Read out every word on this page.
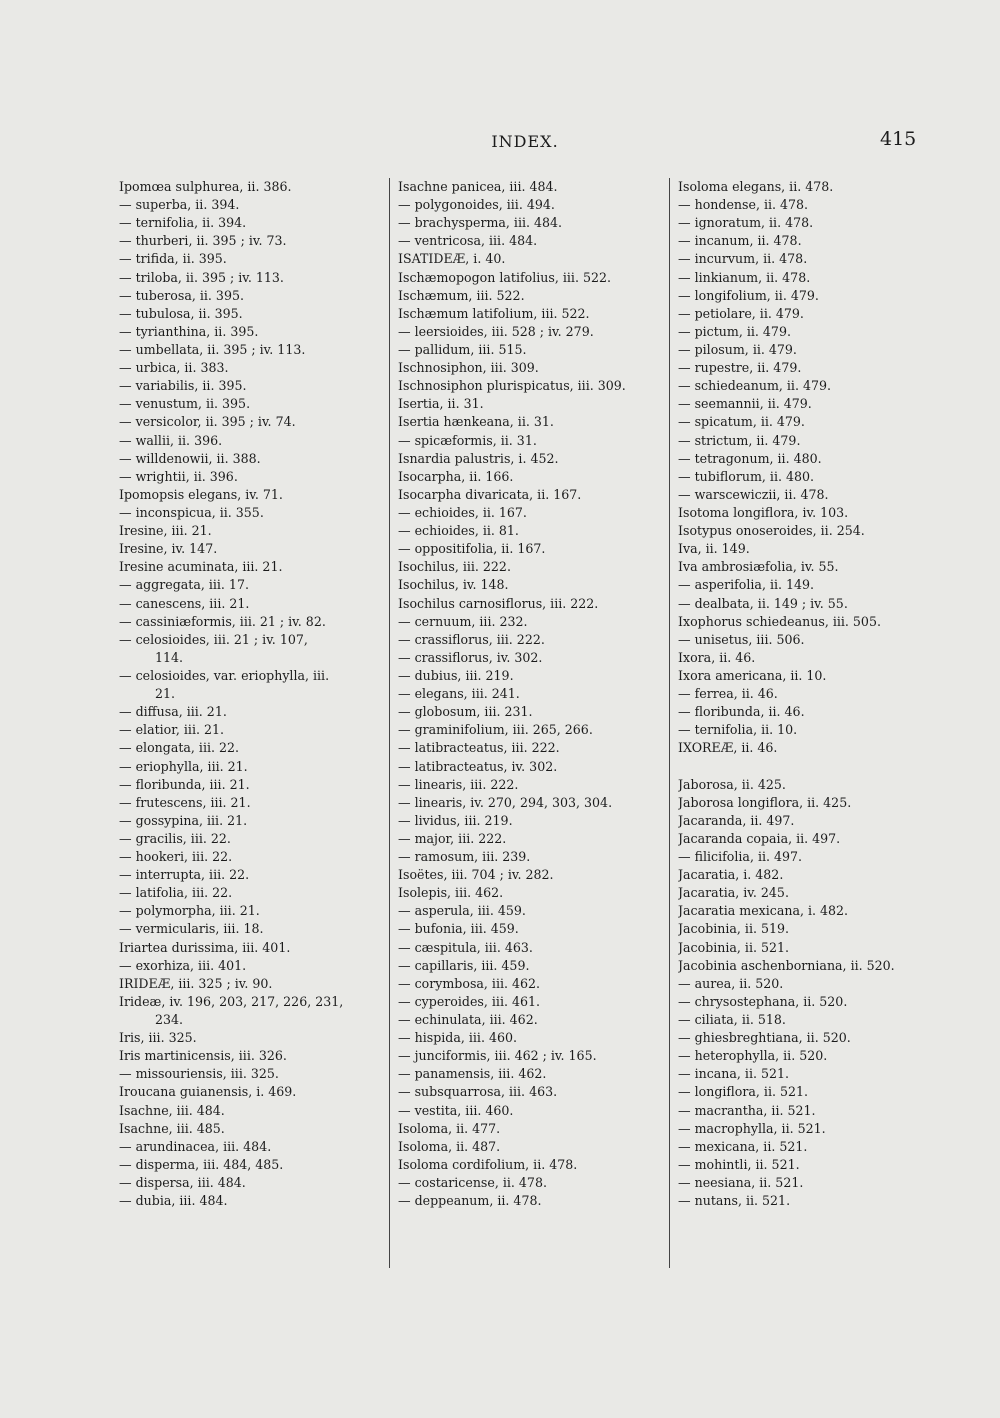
INDEX.	415
Ipomœa sulphurea, ii. 386.
— superba, ii. 394.
— ternifolia, ii. 394.
— thurberi, ii. 395 ; iv. 73.
— trifida, ii. 395.
— triloba, ii. 395 ; iv. 113.
— tuberosa, ii. 395.
— tubulosa, ii. 395.
— tyrianthina, ii. 395.
— umbellata, ii. 395 ; iv. 113.
— urbica, ii. 383.
— variabilis, ii. 395.
— venustum, ii. 395.
— versicolor, ii. 395 ; iv. 74.
— wallii, ii. 396.
— willdenowii, ii. 388.
— wrightii, ii. 396.
Ipomopsis elegans, iv. 71.
— inconspicua, ii. 355.
Iresine, iii. 21.
Iresine, iv. 147.
Iresine acuminata, iii. 21.
— aggregata, iii. 17.
— canescens, iii. 21.
— cassiniæformis, iii. 21 ; iv. 82.
— celosioides, iii. 21 ; iv. 107,
114.
— celosioides, var. eriophylla, iii.
21.
— diffusa, iii. 21.
— elatior, iii. 21.
— elongata, iii. 22.
— eriophylla, iii. 21.
— floribunda, iii. 21.
— frutescens, iii. 21.
— gossypina, iii. 21.
— gracilis, iii. 22.
— hookeri, iii. 22.
— interrupta, iii. 22.
— latifolia, iii. 22.
— polymorpha, iii. 21.
— vermicularis, iii. 18.
Iriartea durissima, iii. 401.
— exorhiza, iii. 401.
IRIDEÆ, iii. 325 ; iv. 90.
Irideæ, iv. 196, 203, 217, 226, 231,
234.
Iris, iii. 325.
Iris martinicensis, iii. 326.
— missouriensis, iii. 325.
Iroucana guianensis, i. 469.
Isachne, iii. 484.
Isachne, iii. 485.
— arundinacea, iii. 484.
— disperma, iii. 484, 485.
— dispersa, iii. 484.
— dubia, iii. 484.
Isachne panicea, iii. 484.
— polygonoides, iii. 494.
— brachysperma, iii. 484.
— ventricosa, iii. 484.
ISATIDEÆ, i. 40.
Ischæmopogon latifolius, iii. 522.
Ischæmum, iii. 522.
Ischæmum latifolium, iii. 522.
— leersioides, iii. 528 ; iv. 279.
— pallidum, iii. 515.
Ischnosiphon, iii. 309.
Ischnosiphon plurispicatus, iii. 309.
Isertia, ii. 31.
Isertia hænkeana, ii. 31.
— spicæformis, ii. 31.
Isnardia palustris, i. 452.
Isocarpha, ii. 166.
Isocarpha divaricata, ii. 167.
— echioides, ii. 167.
— echioides, ii. 81.
— oppositifolia, ii. 167.
Isochilus, iii. 222.
Isochilus, iv. 148.
Isochilus carnosiflorus, iii. 222.
— cernuum, iii. 232.
— crassiflorus, iii. 222.
— crassiflorus, iv. 302.
— dubius, iii. 219.
— elegans, iii. 241.
— globosum, iii. 231.
— graminifolium, iii. 265, 266.
— latibracteatus, iii. 222.
— latibracteatus, iv. 302.
— linearis, iii. 222.
— linearis, iv. 270, 294, 303, 304.
— lividus, iii. 219.
— major, iii. 222.
— ramosum, iii. 239.
Isoëtes, iii. 704 ; iv. 282.
Isolepis, iii. 462.
— asperula, iii. 459.
— bufonia, iii. 459.
— cæspitula, iii. 463.
— capillaris, iii. 459.
— corymbosa, iii. 462.
— cyperoides, iii. 461.
— echinulata, iii. 462.
— hispida, iii. 460.
— junciformis, iii. 462 ; iv. 165.
— panamensis, iii. 462.
— subsquarrosa, iii. 463.
— vestita, iii. 460.
Isoloma, ii. 477.
Isoloma, ii. 487.
Isoloma cordifolium, ii. 478.
— costaricense, ii. 478.
— deppeanum, ii. 478.
Isoloma elegans, ii. 478.
— hondense, ii. 478.
— ignoratum, ii. 478.
— incanum, ii. 478.
— incurvum, ii. 478.
— linkianum, ii. 478.
— longifolium, ii. 479.
— petiolare, ii. 479.
— pictum, ii. 479.
— pilosum, ii. 479.
— rupestre, ii. 479.
— schiedeanum, ii. 479.
— seemannii, ii. 479.
— spicatum, ii. 479.
— strictum, ii. 479.
— tetragonum, ii. 480.
— tubiflorum, ii. 480.
— warscewiczii, ii. 478.
Isotoma longiflora, iv. 103.
Isotypus onoseroides, ii. 254.
Iva, ii. 149.
Iva ambrosiæfolia, iv. 55.
— asperifolia, ii. 149.
— dealbata, ii. 149 ; iv. 55.
Ixophorus schiedeanus, iii. 505.
— unisetus, iii. 506.
Ixora, ii. 46.
Ixora americana, ii. 10.
— ferrea, ii. 46.
— floribunda, ii. 46.
— ternifolia, ii. 10.
IXOREÆ, ii. 46.
Jaborosa, ii. 425.
Jaborosa longiflora, ii. 425.
Jacaranda, ii. 497.
Jacaranda copaia, ii. 497.
— filicifolia, ii. 497.
Jacaratia, i. 482.
Jacaratia, iv. 245.
Jacaratia mexicana, i. 482.
Jacobinia, ii. 519.
Jacobinia, ii. 521.
Jacobinia aschenborniana, ii. 520.
— aurea, ii. 520.
— chrysostephana, ii. 520.
— ciliata, ii. 518.
— ghiesbreghtiana, ii. 520.
— heterophylla, ii. 520.
— incana, ii. 521.
— longiflora, ii. 521.
— macrantha, ii. 521.
— macrophylla, ii. 521.
— mexicana, ii. 521.
— mohintli, ii. 521.
— neesiana, ii. 521.
— nutans, ii. 521.
